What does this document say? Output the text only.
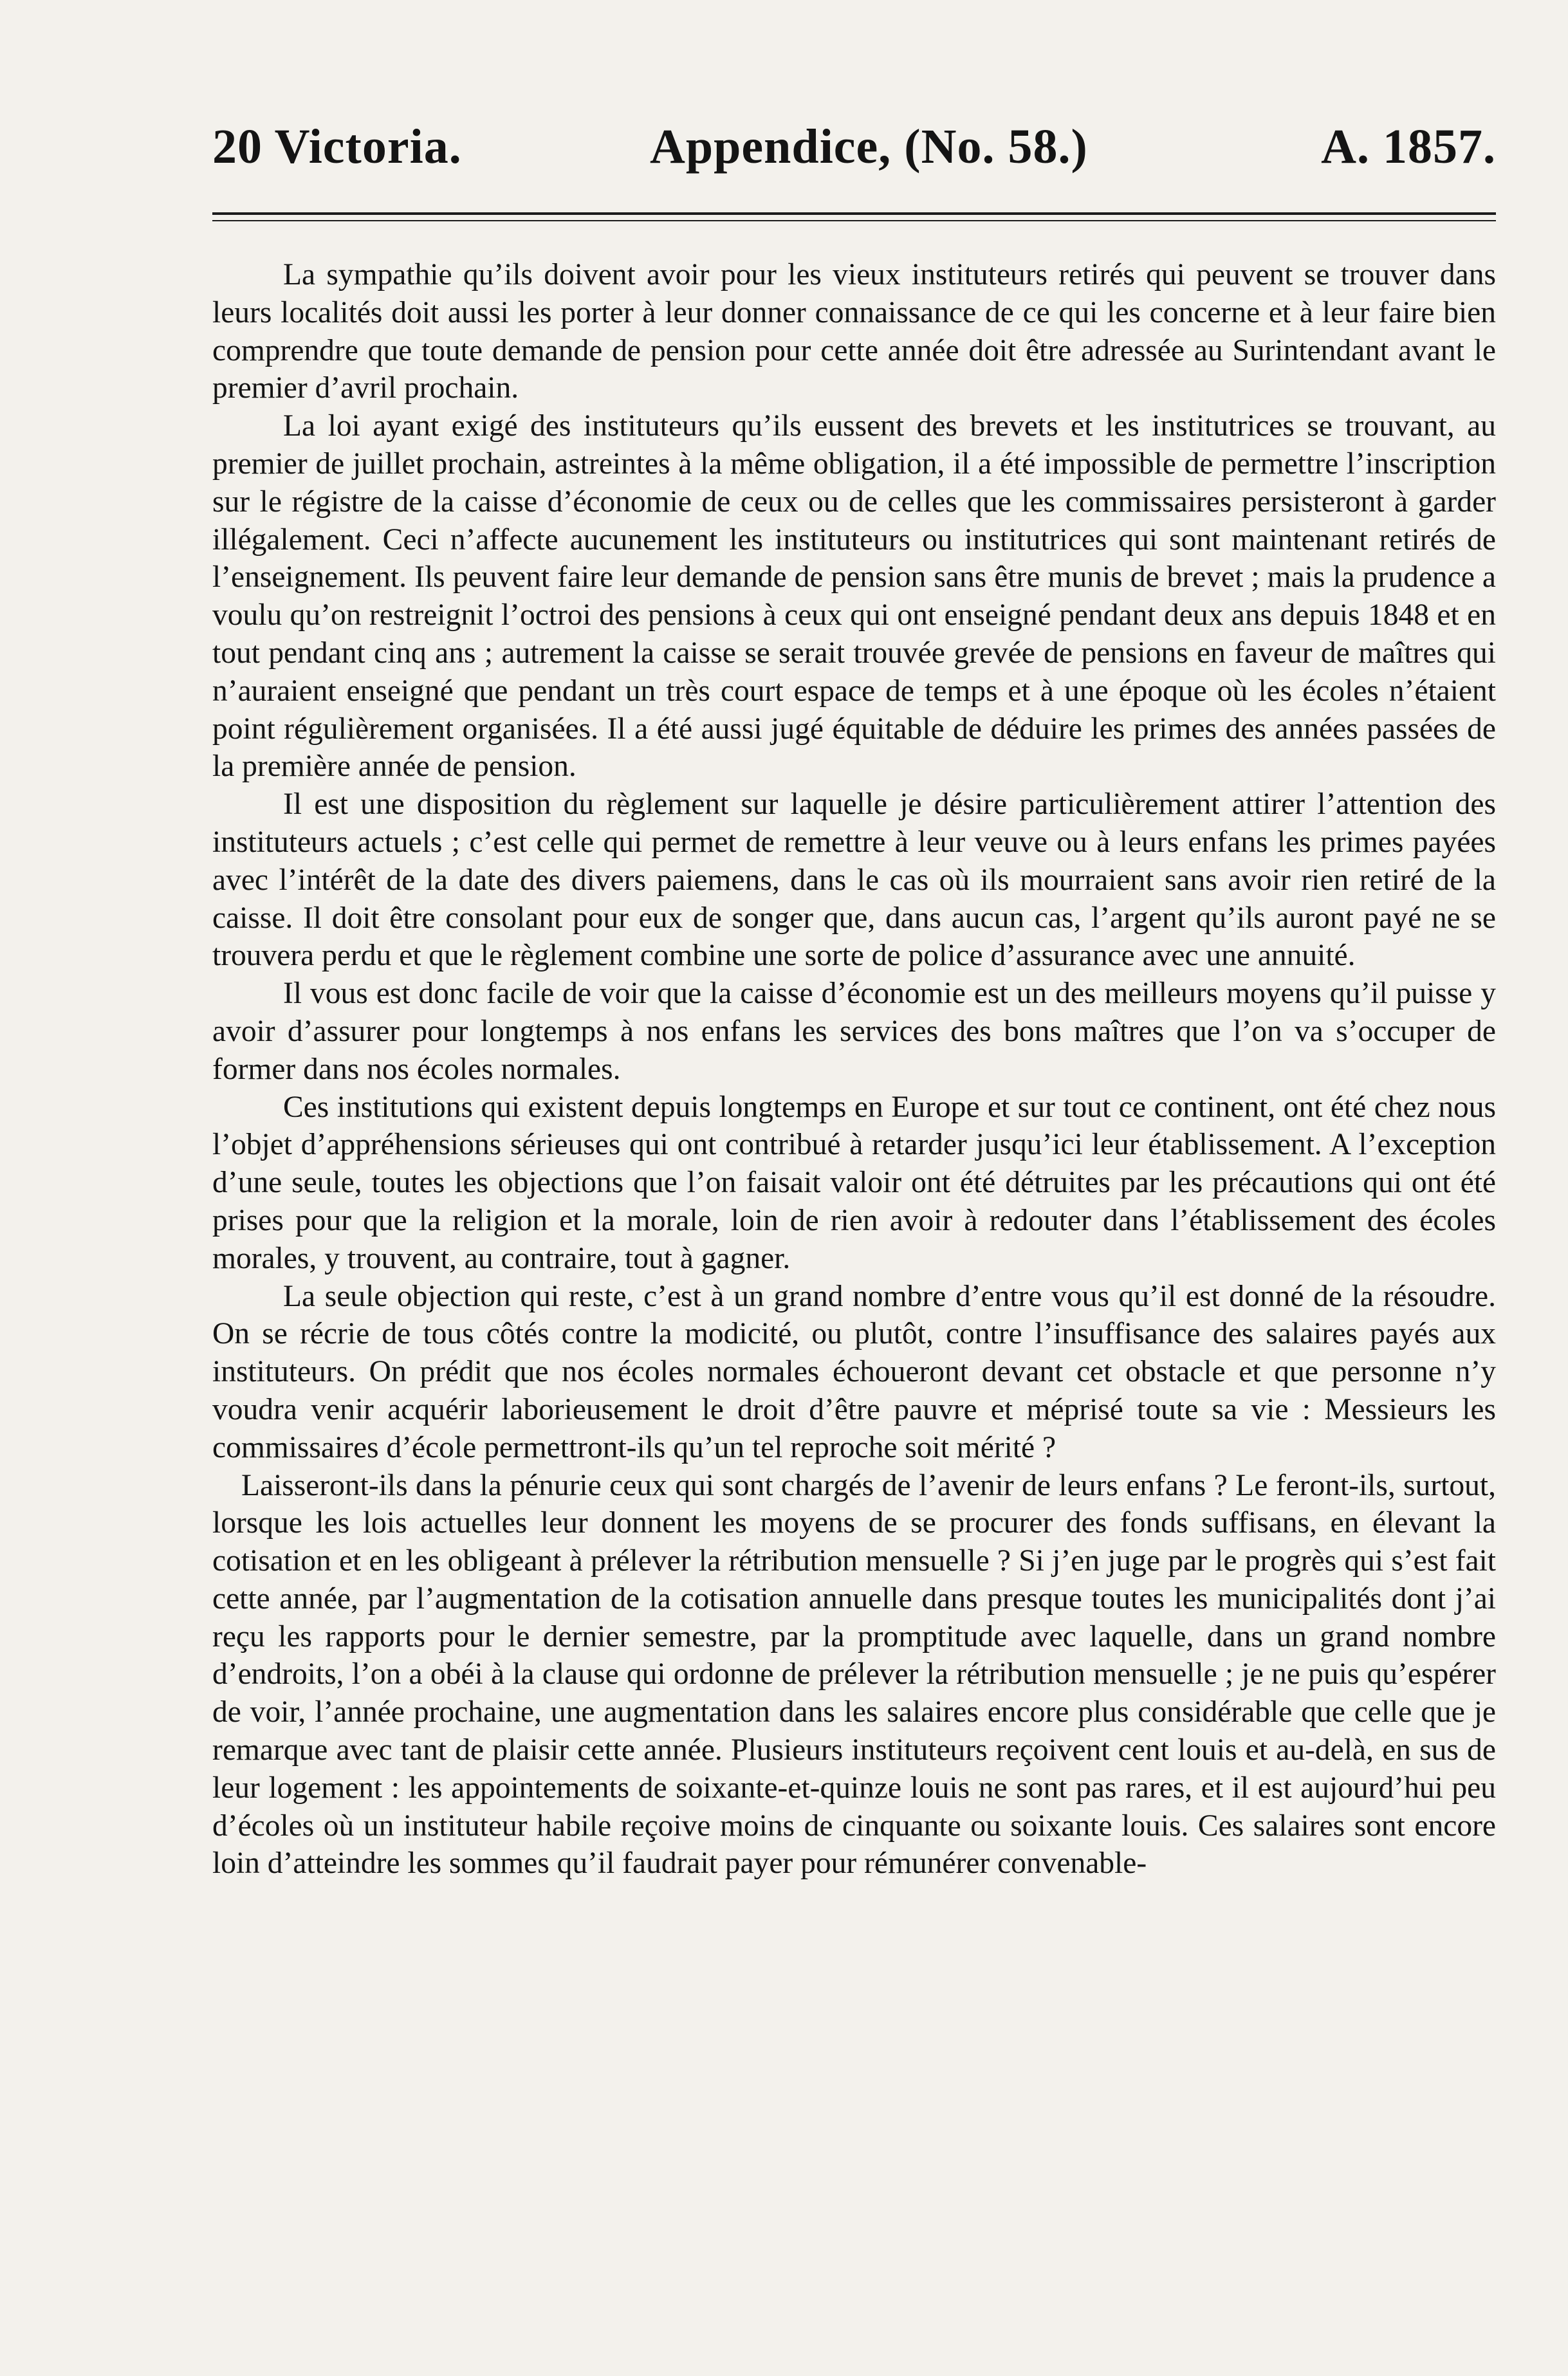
20 Victoria.	Appendice, (No. 58.)	A. 1857.

La sympathie qu’ils doivent avoir pour les vieux instituteurs retirés qui peuvent se trouver dans leurs localités doit aussi les porter à leur donner connaissance de ce qui les concerne et à leur faire bien comprendre que toute demande de pension pour cette année doit être adressée au Surintendant avant le premier d’avril prochain.

La loi ayant exigé des instituteurs qu’ils eussent des brevets et les institutrices se trouvant, au premier de juillet prochain, astreintes à la même obligation, il a été impossible de permettre l’inscription sur le régistre de la caisse d’économie de ceux ou de celles que les commissaires persisteront à garder illégalement. Ceci n’affecte aucunement les instituteurs ou institutrices qui sont maintenant retirés de l’enseignement. Ils peuvent faire leur demande de pension sans être munis de brevet ; mais la prudence a voulu qu’on restreignit l’octroi des pensions à ceux qui ont enseigné pendant deux ans depuis 1848 et en tout pendant cinq ans ; autrement la caisse se serait trouvée grevée de pensions en faveur de maîtres qui n’auraient enseigné que pendant un très court espace de temps et à une époque où les écoles n’étaient point régulièrement organisées. Il a été aussi jugé équitable de déduire les primes des années passées de la première année de pension.

Il est une disposition du règlement sur laquelle je désire particulièrement attirer l’attention des instituteurs actuels ; c’est celle qui permet de remettre à leur veuve ou à leurs enfans les primes payées avec l’intérêt de la date des divers paiemens, dans le cas où ils mourraient sans avoir rien retiré de la caisse. Il doit être consolant pour eux de songer que, dans aucun cas, l’argent qu’ils auront payé ne se trouvera perdu et que le règlement combine une sorte de police d’assurance avec une annuité.

Il vous est donc facile de voir que la caisse d’économie est un des meilleurs moyens qu’il puisse y avoir d’assurer pour longtemps à nos enfans les services des bons maîtres que l’on va s’occuper de former dans nos écoles normales.

Ces institutions qui existent depuis longtemps en Europe et sur tout ce continent, ont été chez nous l’objet d’appréhensions sérieuses qui ont contribué à retarder jusqu’ici leur établissement. A l’exception d’une seule, toutes les objections que l’on faisait valoir ont été détruites par les précautions qui ont été prises pour que la religion et la morale, loin de rien avoir à redouter dans l’établissement des écoles morales, y trouvent, au contraire, tout à gagner.

La seule objection qui reste, c’est à un grand nombre d’entre vous qu’il est donné de la résoudre. On se récrie de tous côtés contre la modicité, ou plutôt, contre l’insuffisance des salaires payés aux instituteurs. On prédit que nos écoles normales échoueront devant cet obstacle et que personne n’y voudra venir acquérir laborieusement le droit d’être pauvre et méprisé toute sa vie : Messieurs les commissaires d’école permettront-ils qu’un tel reproche soit mérité ?

Laisseront-ils dans la pénurie ceux qui sont chargés de l’avenir de leurs enfans ? Le feront-ils, surtout, lorsque les lois actuelles leur donnent les moyens de se procurer des fonds suffisans, en élevant la cotisation et en les obligeant à prélever la rétribution mensuelle ? Si j’en juge par le progrès qui s’est fait cette année, par l’augmentation de la cotisation annuelle dans presque toutes les municipalités dont j’ai reçu les rapports pour le dernier semestre, par la promptitude avec laquelle, dans un grand nombre d’endroits, l’on a obéi à la clause qui ordonne de prélever la rétribution mensuelle ; je ne puis qu’espérer de voir, l’année prochaine, une augmentation dans les salaires encore plus considérable que celle que je remarque avec tant de plaisir cette année. Plusieurs instituteurs reçoivent cent louis et au-delà, en sus de leur logement : les appointements de soixante-et-quinze louis ne sont pas rares, et il est aujourd’hui peu d’écoles où un instituteur habile reçoive moins de cinquante ou soixante louis. Ces salaires sont encore loin d’atteindre les sommes qu’il faudrait payer pour rémunérer convenable-
